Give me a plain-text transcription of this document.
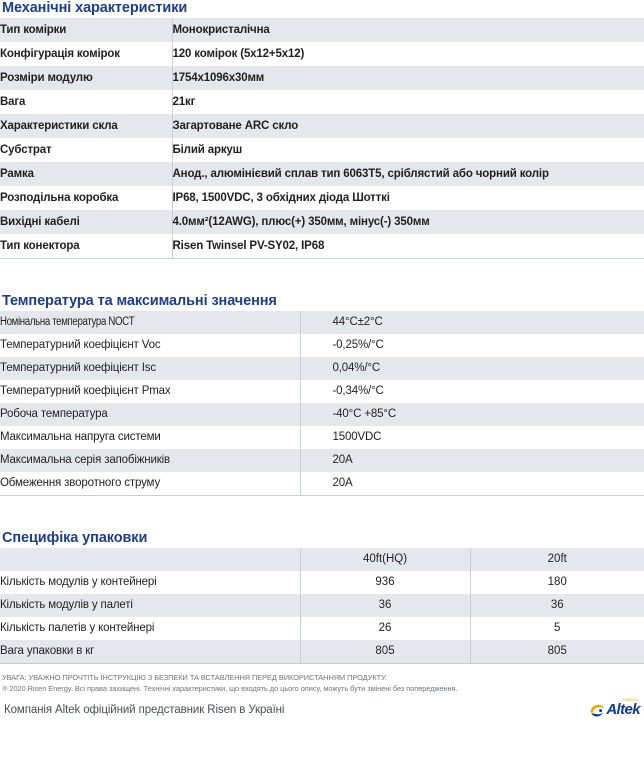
Механічні характеристики
Тип комірки	Монокристалічна
Конфігурація комірок	120 комірок (5x12+5x12)
Розміри модулю	1754x1096x30мм
Вага	21кг
Характеристики скла	Загартоване ARC скло
Субстрат	Білий аркуш
Рамка	Анод., алюмінієвий сплав тип 6063T5, сріблястий або чорний колір
Розподільна коробка	IP68, 1500VDC, 3 обхідних діода Шотткі
Вихідні кабелі	4.0мм²(12AWG), плюс(+) 350мм, мінус(-) 350мм
Тип конектора	Risen Twinsel PV-SY02, IP68
Температура та максимальні значення
Номінальна температура NOCT	44°C±2°C
Температурний коефіцієнт Voc	-0,25%/°C
Температурний коефіцієнт Isc	0,04%/°C
Температурний коефіцієнт Pmax	-0,34%/°C
Робоча температура	-40°C +85°C
Максимальна напруга системи	1500VDC
Максимальна серія запобіжників	20A
Обмеження зворотного струму	20A
Специфіка упаковки
	40ft(HQ)	20ft
Кількість модулів у контейнері	936	180
Кількість модулів у палеті	36	36
Кількість палетів у контейнері	26	5
Вага упаковки в кг	805	805
УВАГА: УВАЖНО ПРОЧТІТЬ ІНСТРУКЦІЮ З БЕЗПЕКИ ТА ВСТАВЛЕННЯ ПЕРЕД ВИКОРИСТАННЯМ ПРОДУКТУ.
℗ 2020 Risen Energy. Всі права захищені. Технічні характеристики, що входять до цього опису, можуть бути змінені без попередження.
Компанія Altek офіційний представник Risen в Україні
ENERGY
Altek
